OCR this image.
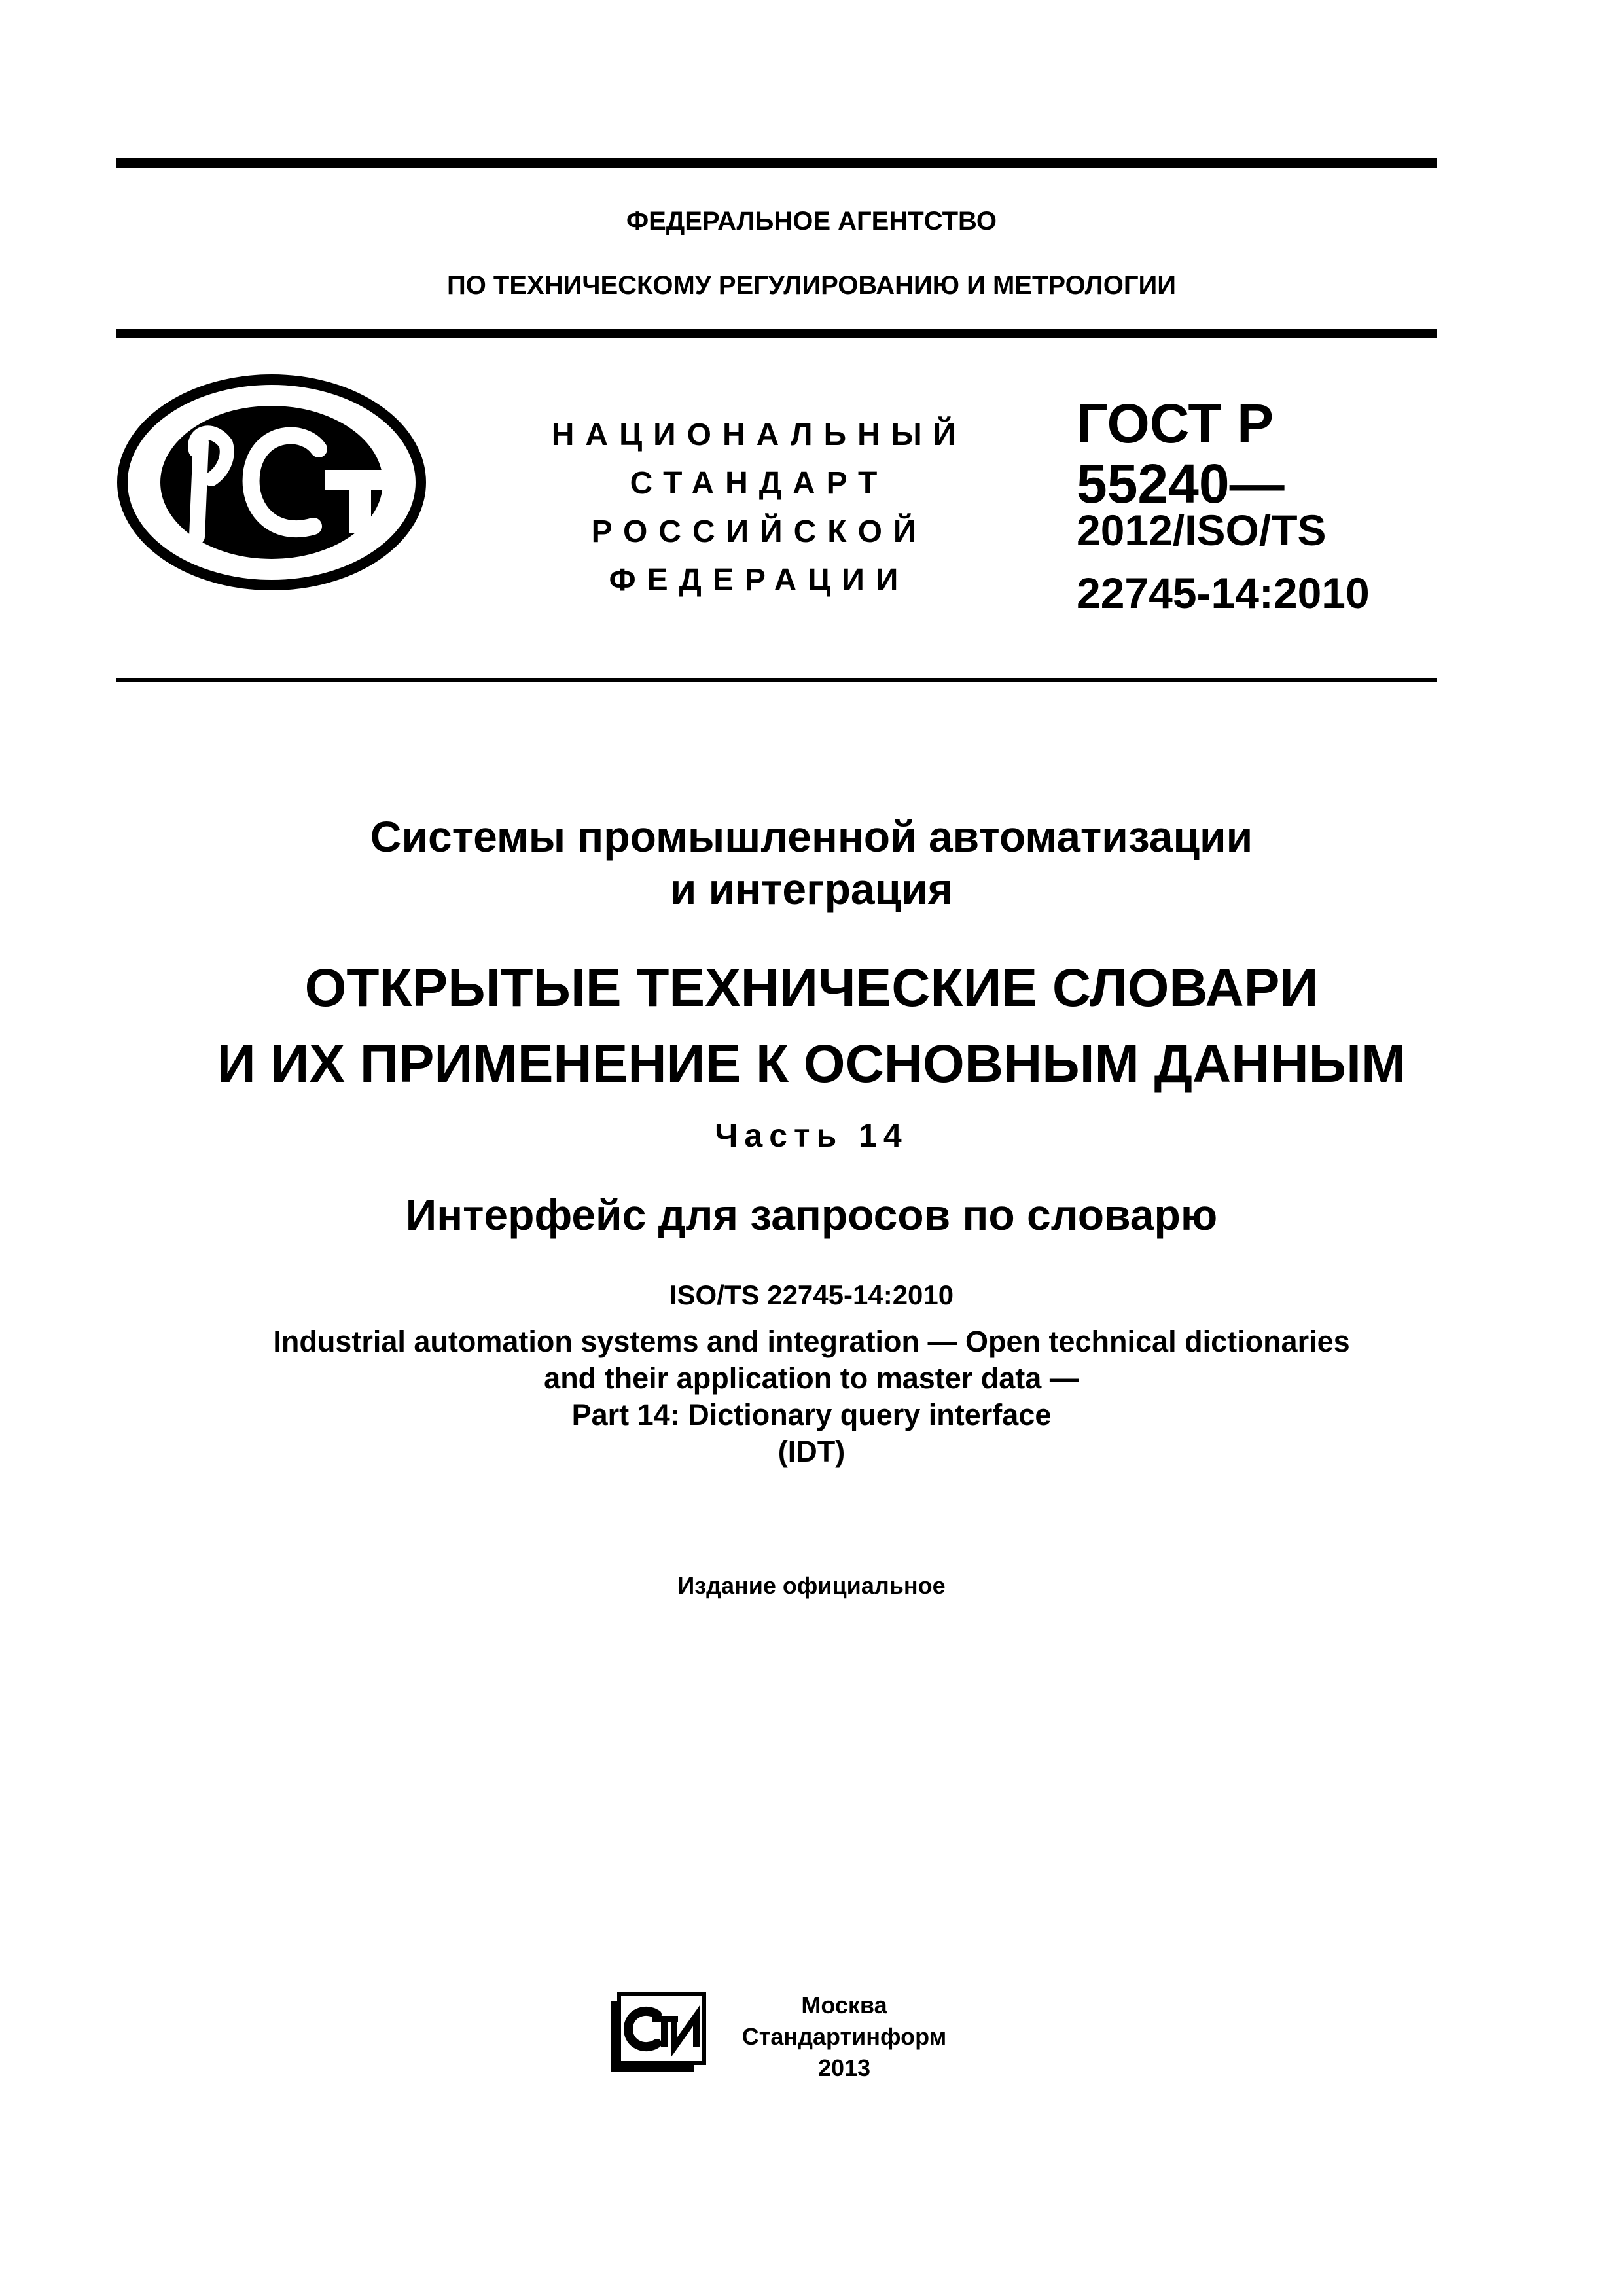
ФЕДЕРАЛЬНОЕ АГЕНТСТВО
ПО ТЕХНИЧЕСКОМУ РЕГУЛИРОВАНИЮ И МЕТРОЛОГИИ
НАЦИОНАЛЬНЫЙ
СТАНДАРТ
РОССИЙСКОЙ
ФЕДЕРАЦИИ
ГОСТ Р
55240—
2012/ISO/TS
22745-14:2010
Системы промышленной автоматизации
и интеграция
ОТКРЫТЫЕ ТЕХНИЧЕСКИЕ СЛОВАРИ
И ИХ ПРИМЕНЕНИЕ К ОСНОВНЫМ ДАННЫМ
Часть 14
Интерфейс для запросов по словарю
ISO/TS 22745-14:2010
Industrial automation systems and integration — Open technical dictionaries
and their application to master data —
Part 14: Dictionary query interface
(IDT)
Издание официальное
Москва
Стандартинформ
2013
